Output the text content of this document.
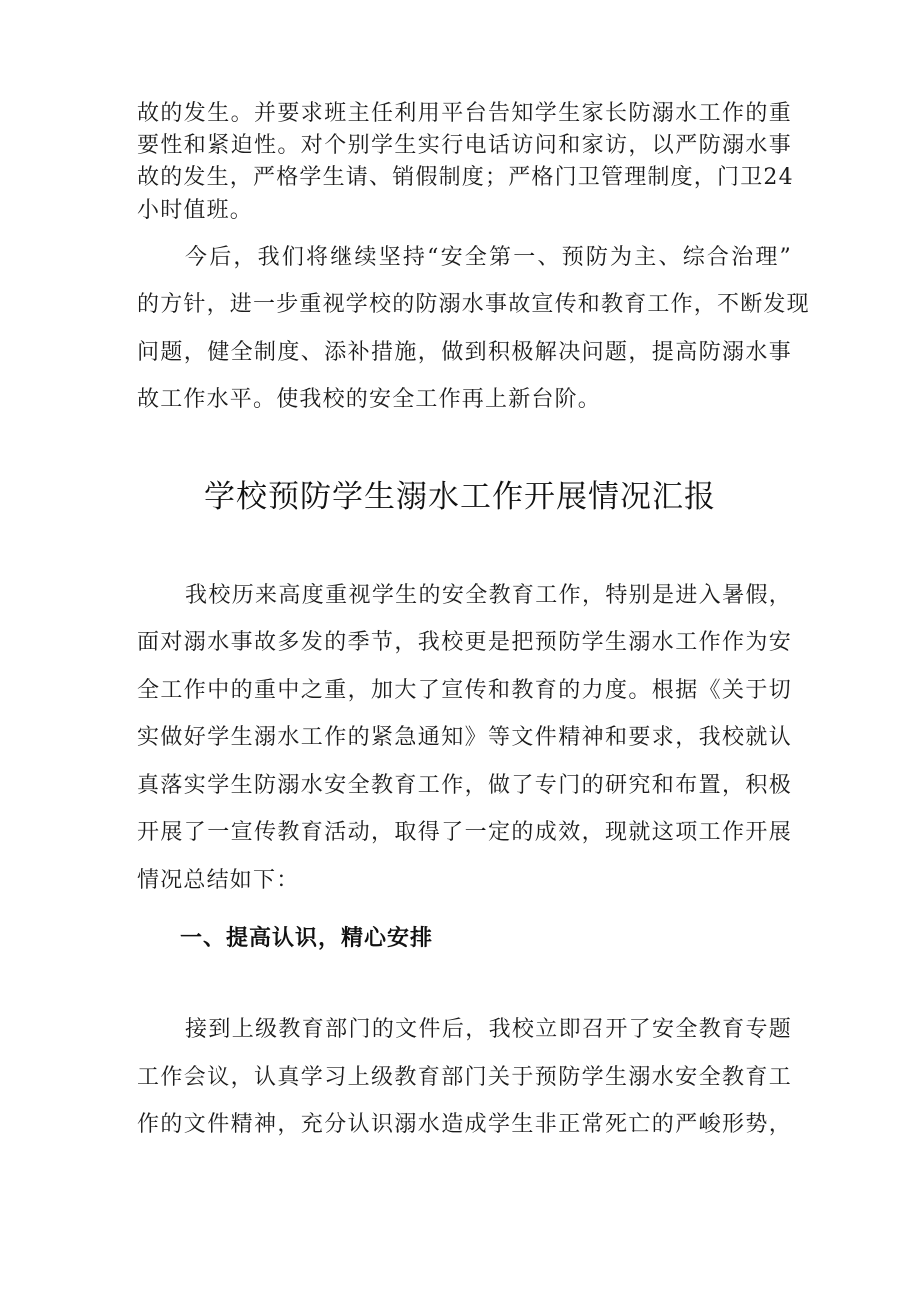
故的发生。并要求班主任利用平台告知学生家长防溺水工作的重
要性和紧迫性。对个别学生实行电话访问和家访，以严防溺水事
故的发生，严格学生请、销假制度；严格门卫管理制度，门卫24
小时值班。
今后，我们将继续坚持“安全第一、预防为主、综合治理”
的方针，进一步重视学校的防溺水事故宣传和教育工作，不断发现
问题，健全制度、添补措施，做到积极解决问题，提高防溺水事
故工作水平。使我校的安全工作再上新台阶。
学校预防学生溺水工作开展情况汇报
我校历来高度重视学生的安全教育工作，特别是进入暑假，
面对溺水事故多发的季节，我校更是把预防学生溺水工作作为安
全工作中的重中之重，加大了宣传和教育的力度。根据《关于切
实做好学生溺水工作的紧急通知》等文件精神和要求，我校就认
真落实学生防溺水安全教育工作，做了专门的研究和布置，积极
开展了一宣传教育活动，取得了一定的成效，现就这项工作开展
情况总结如下：
一、提高认识，精心安排
接到上级教育部门的文件后，我校立即召开了安全教育专题
工作会议，认真学习上级教育部门关于预防学生溺水安全教育工
作的文件精神，充分认识溺水造成学生非正常死亡的严峻形势，
